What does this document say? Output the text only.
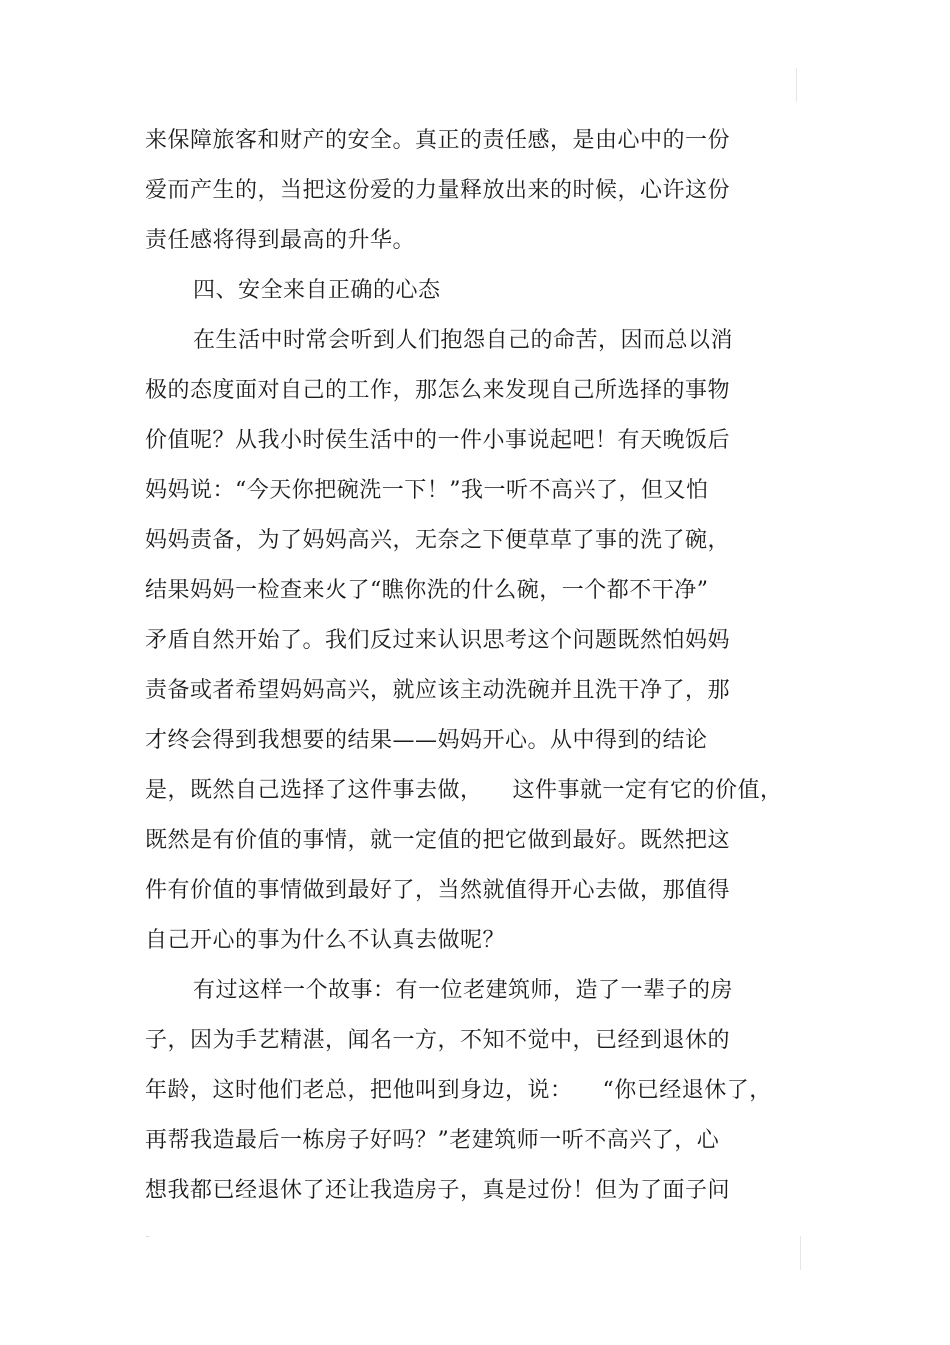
来保障旅客和财产的安全。真正的责任感，是由心中的一份
爱而产生的，当把这份爱的力量释放出来的时候，心许这份
责任感将得到最高的升华。
四、安全来自正确的心态
在生活中时常会听到人们抱怨自己的命苦，因而总以消
极的态度面对自己的工作，那怎么来发现自己所选择的事物
价值呢？从我小时侯生活中的一件小事说起吧！有天晚饭后
妈妈说：“今天你把碗洗一下！”我一听不高兴了，但又怕
妈妈责备，为了妈妈高兴，无奈之下便草草了事的洗了碗，
结果妈妈一检查来火了“瞧你洗的什么碗，一个都不干净”
矛盾自然开始了。我们反过来认识思考这个问题既然怕妈妈
责备或者希望妈妈高兴，就应该主动洗碗并且洗干净了，那
才终会得到我想要的结果——妈妈开心。从中得到的结论
是，既然自己选择了这件事去做，    这件事就一定有它的价值，
既然是有价值的事情，就一定值的把它做到最好。既然把这
件有价值的事情做到最好了，当然就值得开心去做，那值得
自己开心的事为什么不认真去做呢？
有过这样一个故事：有一位老建筑师，造了一辈子的房
子，因为手艺精湛，闻名一方，不知不觉中，已经到退休的
年龄，这时他们老总，把他叫到身边，说：    “你已经退休了，
再帮我造最后一栋房子好吗？”老建筑师一听不高兴了，心
想我都已经退休了还让我造房子，真是过份！但为了面子问
